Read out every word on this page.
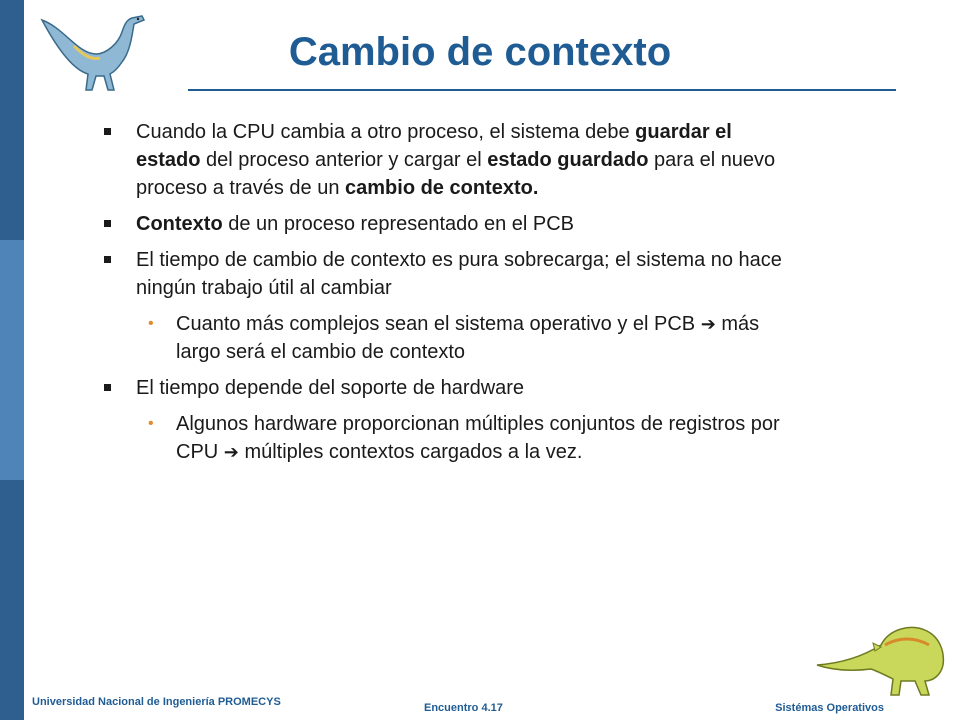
Cambio de contexto
Cuando la CPU cambia a otro proceso, el sistema debe guardar el estado del proceso anterior y cargar el estado guardado para el nuevo proceso a través de un cambio de contexto.
Contexto de un proceso representado en el PCB
El tiempo de cambio de contexto es pura sobrecarga; el sistema no hace ningún trabajo útil al cambiar
• Cuanto más complejos sean el sistema operativo y el PCB ➔ más largo será el cambio de contexto
El tiempo depende del soporte de hardware
• Algunos hardware proporcionan múltiples conjuntos de registros por CPU ➔ múltiples contextos cargados a la vez.
Universidad Nacional de Ingeniería PROMECYS	Encuentro 4.17	Sistémas Operativos
